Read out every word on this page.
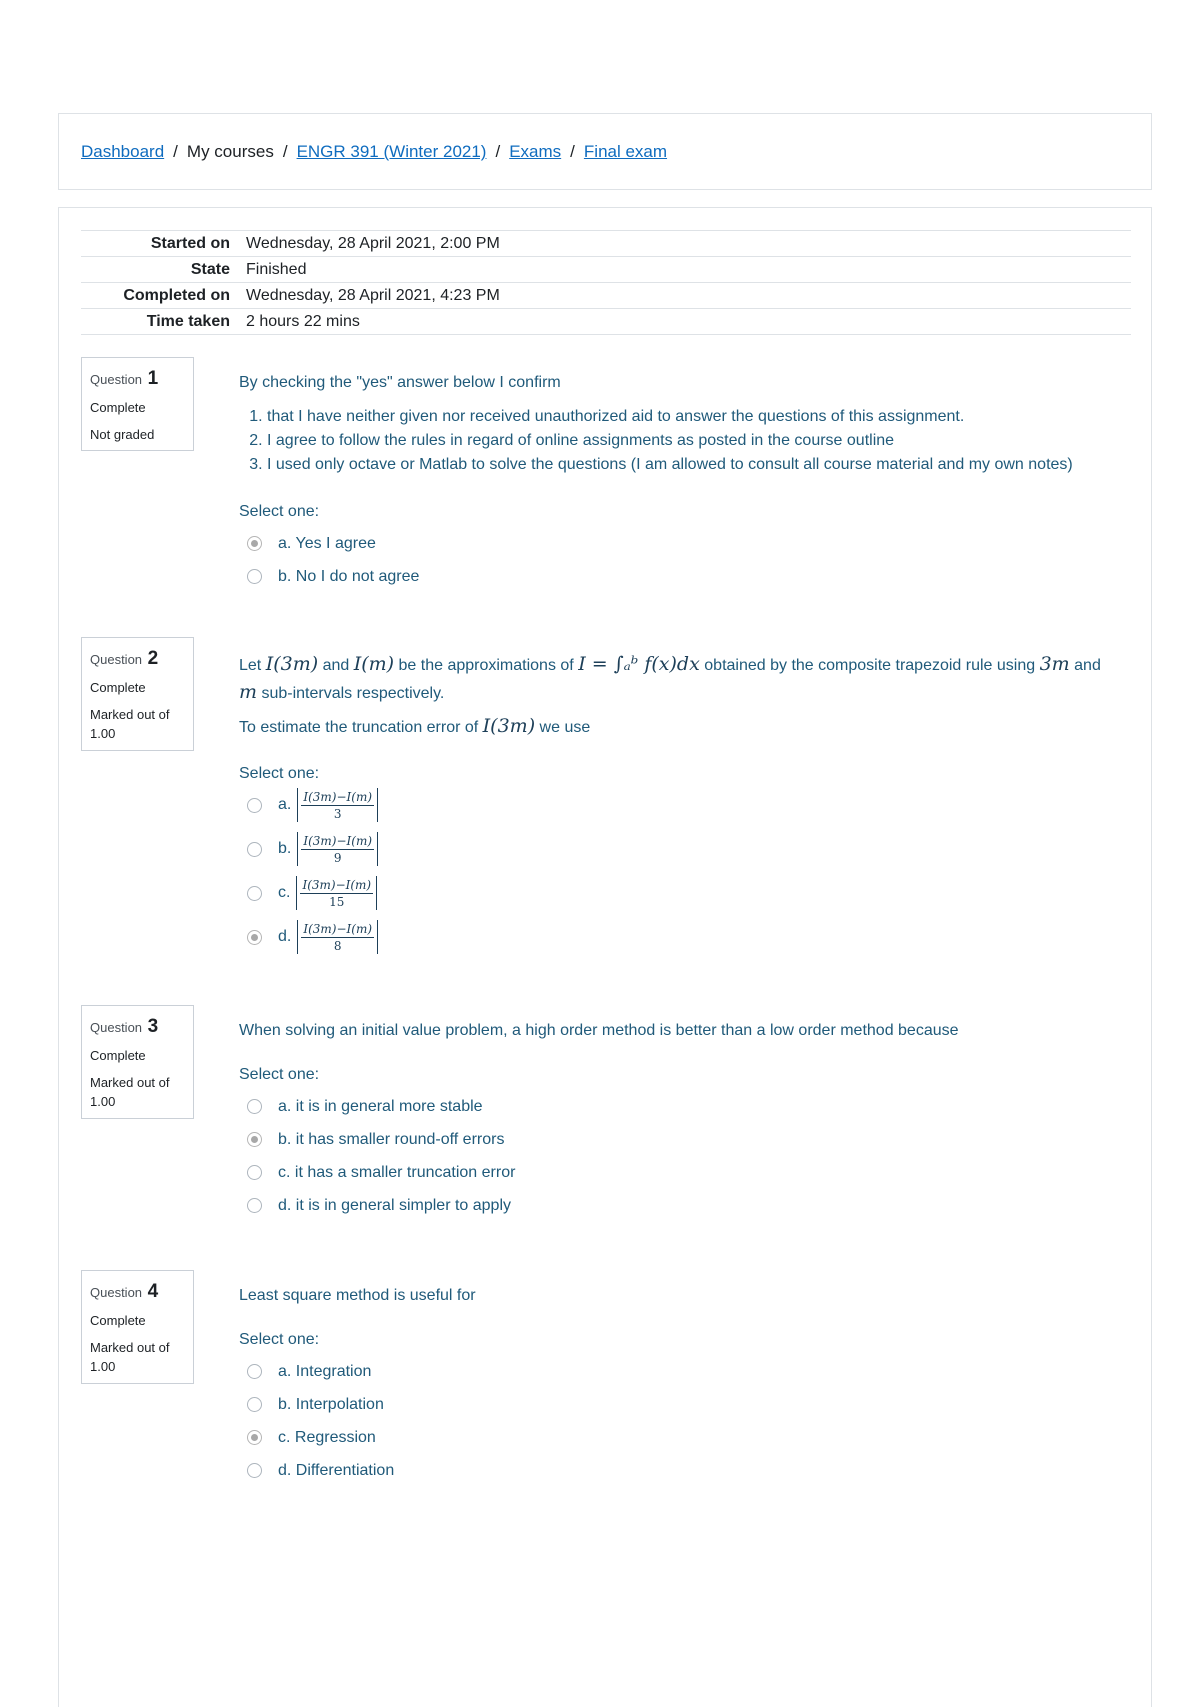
Dashboard / My courses / ENGR 391 (Winter 2021) / Exams / Final exam
Started on	Wednesday, 28 April 2021, 2:00 PM
State	Finished
Completed on	Wednesday, 28 April 2021, 4:23 PM
Time taken	2 hours 22 mins
Question 1
Complete
Not graded
By checking the "yes" answer below I confirm
1. that I have neither given nor received unauthorized aid to answer the questions of this assignment.
2. I agree to follow the rules in regard of online assignments as posted in the course outline
3. I used only octave or Matlab to solve the questions (I am allowed to consult all course material and my own notes)
Select one:
a. Yes I agree
b. No I do not agree
Question 2
Complete
Marked out of 1.00
Let I(3m) and I(m) be the approximations of I = ∫ₐᵇ f(x)dx obtained by the composite trapezoid rule using 3m and
m sub-intervals respectively.
To estimate the truncation error of I(3m) we use
Select one:
a. $\frac{I(3m)-I(m)}{3}$
b. $\frac{I(3m)-I(m)}{9}$
c. $\frac{I(3m)-I(m)}{15}$
d. $\frac{I(3m)-I(m)}{8}$
Question 3
Complete
Marked out of 1.00
When solving an initial value problem, a high order method is better than a low order method because
Select one:
a. it is in general more stable
b. it has smaller round-off errors
c. it has a smaller truncation error
d. it is in general simpler to apply
Question 4
Complete
Marked out of 1.00
Least square method is useful for
Select one:
a. Integration
b. Interpolation
c. Regression
d. Differentiation
